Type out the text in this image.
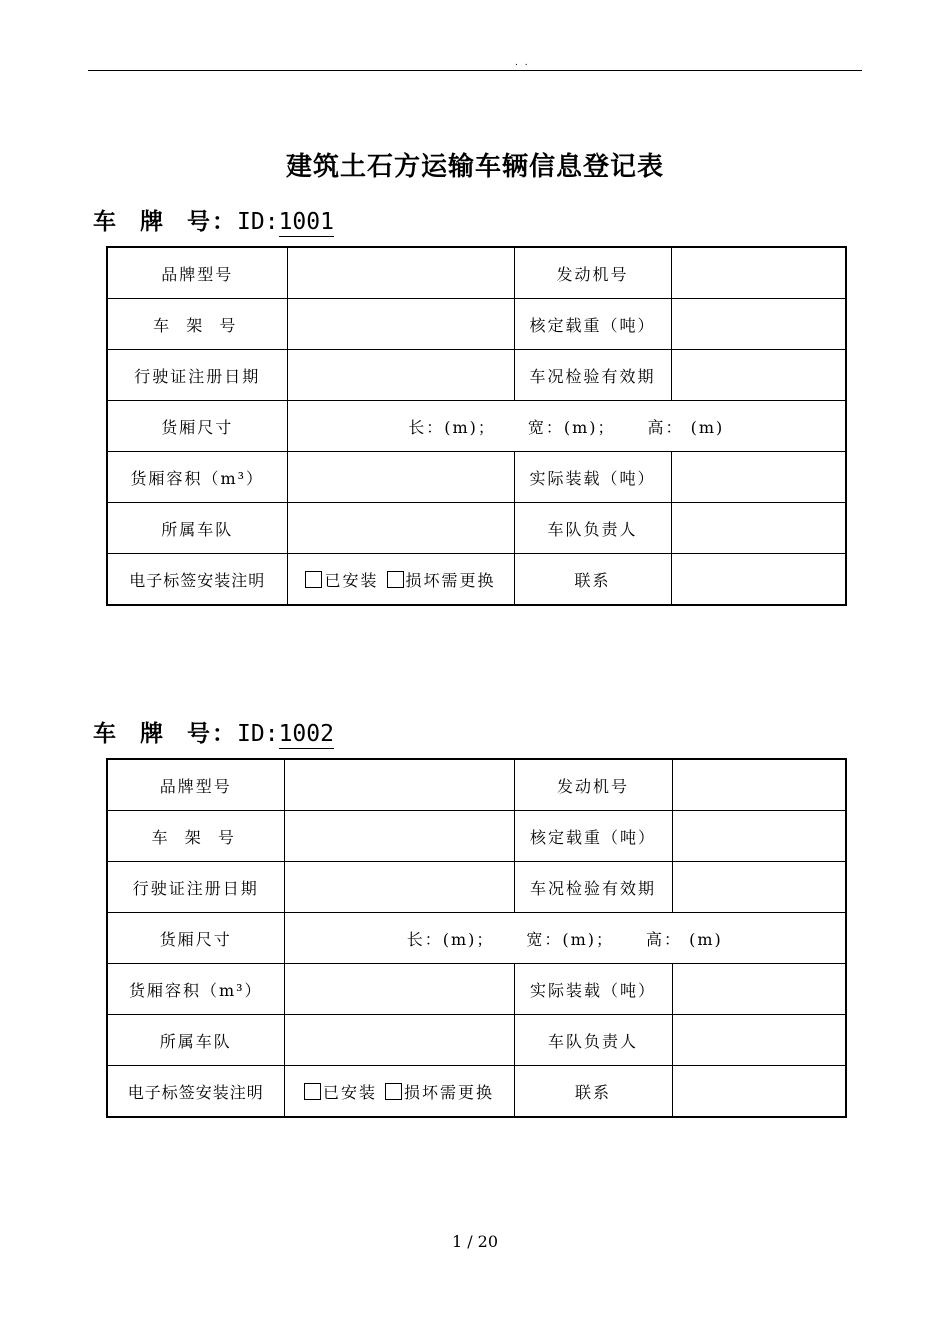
. .
建筑土石方运输车辆信息登记表
车 牌 号：ID:1001
品牌型号		发动机号	
车 架 号		核定载重（吨）	
行驶证注册日期		车况检验有效期	
货厢尺寸	长：(m)； 宽：(m)； 高： (m)		
货厢容积（m³）		实际装载（吨）	
所属车队		车队负责人	
电子标签安装注明	已安装 损坏需更换	联系	
车 牌 号：ID:1002
品牌型号		发动机号	
车 架 号		核定载重（吨）	
行驶证注册日期		车况检验有效期	
货厢尺寸	长：(m)； 宽：(m)； 高： (m)		
货厢容积（m³）		实际装载（吨）	
所属车队		车队负责人	
电子标签安装注明	已安装 损坏需更换	联系	
1 / 20
